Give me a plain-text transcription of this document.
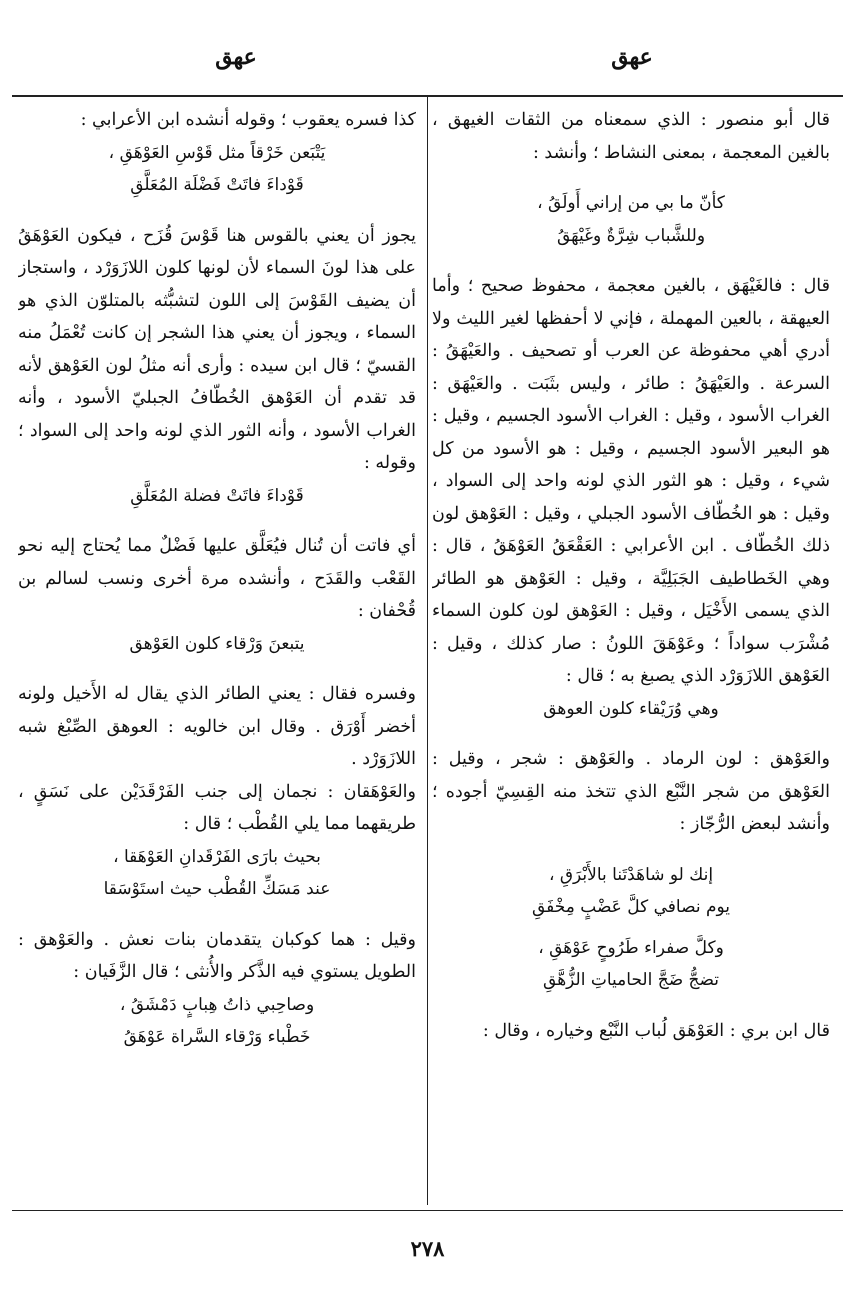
عهق
عهق

قال أبو منصور : الذي سمعناه من الثقات الغيهق ، بالغين المعجمة ، بمعنى النشاط ؛ وأنشد :

كأنّ ما بي من إراني أَولَقُ ،

وللشَّباب شِرَّةٌ وغَيْهَقُ

قال : فالغَيْهَق ، بالغين معجمة ، محفوظ صحيح ؛ وأما العيهقة ، بالعين المهملة ، فإني لا أحفظها لغير الليث ولا أدري أهي محفوظة عن العرب أو تصحيف . والعَيْهَقُ : السرعة . والعَيْهَقُ : طائر ، وليس بثَبَت . والعَيْهَق : الغراب الأسود ، وقيل : الغراب الأسود الجسيم ، وقيل : هو البعير الأسود الجسيم ، وقيل : هو الأسود من كل شيء ، وقيل : هو الثور الذي لونه واحد إلى السواد ، وقيل : هو الخُطّاف الأسود الجبلي ، وقيل : العَوْهق لون ذلك الخُطّاف . ابن الأعرابي : العَقْعَقُ العَوْهَقُ ، قال : وهي الخَطاطيف الجَبَلِيَّة ، وقيل : العَوْهق هو الطائر الذي يسمى الأَخْيَل ، وقيل : العَوْهق لون كلون السماء مُشْرَب سواداً ؛ وعَوْهَقَ اللونُ : صار كذلك ، وقيل : العَوْهق اللازَوَرْد الذي يصبغ به ؛ قال :

وهي وُرَيْقاء كلون العوهق

والعَوْهق : لون الرماد . والعَوْهق : شجر ، وقيل : العَوْهق من شجر النَّبْع الذي تتخذ منه القِسِيّ أجوده ؛ وأنشد لبعض الرُّجّاز :

إنك لو شاهَدْتَنا بالأَبْرَقِ ،

يوم نصافي كلَّ عَضْبٍ مِخْفَقِ

وكلَّ صفراء طَرُوحٍ عَوْهَقِ ،

تضجُّ ضَجَّ الحامياتِ الزُّهَّقِ

قال ابن بري : العَوْهَق لُباب النَّبْع وخياره ، وقال :

كذا فسره يعقوب ؛ وقوله أنشده ابن الأعرابي :

يَتْبَعن خَرْقاً مثل قَوْسِ العَوْهَقِ ،

قَوْداءَ فاتَتْ فَضْلَة المُعَلَّقِ

يجوز أن يعني بالقوس هنا قَوْسَ قُزَح ، فيكون العَوْهَقُ على هذا لونَ السماء لأن لونها كلون اللازَوَرْد ، واستجاز أن يضيف القَوْسَ إلى اللون لتشبُّثه بالمتلوّن الذي هو السماء ، ويجوز أن يعني هذا الشجر إن كانت تُعْمَلُ منه القسيّ ؛ قال ابن سيده : وأرى أنه مثلُ لون العَوْهق لأنه قد تقدم أن العَوْهق الخُطّافُ الجبليّ الأسود ، وأنه الغراب الأسود ، وأنه الثور الذي لونه واحد إلى السواد ؛ وقوله :

قَوْداءَ فاتَتْ فضلة المُعَلَّقِ

أي فاتت أن تُنال فيُعَلَّق عليها فَضْلٌ مما يُحتاج إليه نحو القَعْب والقَدَح ، وأنشده مرة أخرى ونسب لسالم بن قُحْفان :

يتبعنَ وَرْقاء كلون العَوْهق

وفسره فقال : يعني الطائر الذي يقال له الأَخيل ولونه أخضر أَوْرَق . وقال ابن خالويه : العوهق الصِّبْغ شبه اللازَوَرْد .

والعَوْهَقان : نجمان إلى جنب الفَرْقَدَيْن على نَسَقٍ ، طريقهما مما يلي القُطْب ؛ قال :

بحيث بارَى الفَرْقَدانِ العَوْهَقا ،

عند مَسَكِّ القُطْب حيث استَوْسَقا

وقيل : هما كوكبان يتقدمان بنات نعش . والعَوْهق : الطويل يستوي فيه الذَّكر والأُنثى ؛ قال الزَّفَيان :

وصاحِبي ذاتُ هِبابٍ دَمْشَقُ ،

خَطْباء وَرْقاء السَّراة عَوْهَقُ

٢٧٨
